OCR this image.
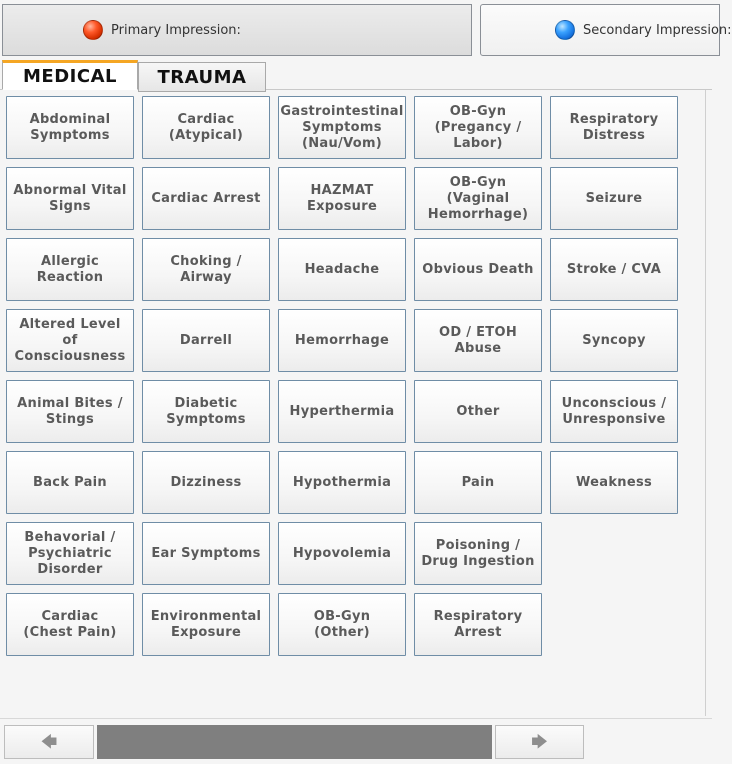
Primary Impression:	Secondary Impression:
MEDICAL	TRAUMA
Abdominal
Symptoms
Abnormal Vital
Signs
Allergic
Reaction
Altered Level of
Consciousness
Animal Bites /
Stings
Back Pain
Behavorial /
Psychiatric
Disorder
Cardiac
(Chest Pain)
Cardiac
(Atypical)
Cardiac Arrest
Choking /
Airway
Darrell
Diabetic
Symptoms
Dizziness
Ear Symptoms
Environmental
Exposure
Gastrointestinal
Symptoms
(Nau/Vom)
HAZMAT
Exposure
Headache
Hemorrhage
Hyperthermia
Hypothermia
Hypovolemia
OB-Gyn (Other)
OB-Gyn
(Pregancy /
Labor)
OB-Gyn (Vaginal
Hemorrhage)
Obvious Death
OD / ETOH
Abuse
Other
Pain
Poisoning /
Drug Ingestion
Respiratory
Arrest
Respiratory
Distress
Seizure
Stroke / CVA
Syncopy
Unconscious /
Unresponsive
Weakness
🡄	🡆
